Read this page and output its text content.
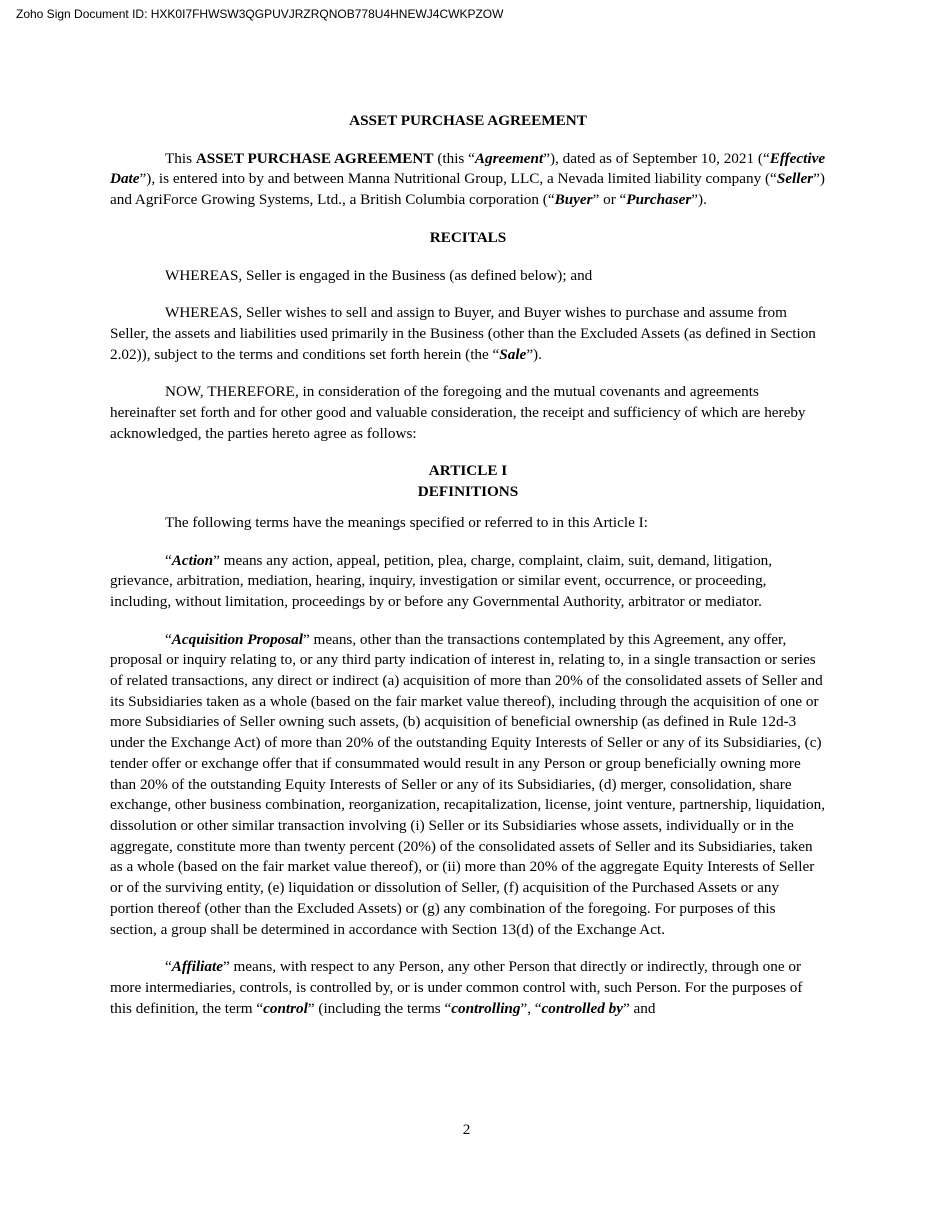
Zoho Sign Document ID: HXK0I7FHWSW3QGPUVJRZRQNOB778U4HNEWJ4CWKPZOW
ASSET PURCHASE AGREEMENT

This ASSET PURCHASE AGREEMENT (this “Agreement”), dated as of September 10, 2021 (“Effective Date”), is entered into by and between Manna Nutritional Group, LLC, a Nevada limited liability company (“Seller”) and AgriForce Growing Systems, Ltd., a British Columbia corporation (“Buyer” or “Purchaser”).

RECITALS

WHEREAS, Seller is engaged in the Business (as defined below); and

WHEREAS, Seller wishes to sell and assign to Buyer, and Buyer wishes to purchase and assume from Seller, the assets and liabilities used primarily in the Business (other than the Excluded Assets (as defined in Section 2.02)), subject to the terms and conditions set forth herein (the “Sale”).

NOW, THEREFORE, in consideration of the foregoing and the mutual covenants and agreements hereinafter set forth and for other good and valuable consideration, the receipt and sufficiency of which are hereby acknowledged, the parties hereto agree as follows:

ARTICLE I
DEFINITIONS

The following terms have the meanings specified or referred to in this Article I:

“Action” means any action, appeal, petition, plea, charge, complaint, claim, suit, demand, litigation, grievance, arbitration, mediation, hearing, inquiry, investigation or similar event, occurrence, or proceeding, including, without limitation, proceedings by or before any Governmental Authority, arbitrator or mediator.

“Acquisition Proposal” means, other than the transactions contemplated by this Agreement, any offer, proposal or inquiry relating to, or any third party indication of interest in, relating to, in a single transaction or series of related transactions, any direct or indirect (a) acquisition of more than 20% of the consolidated assets of Seller and its Subsidiaries taken as a whole (based on the fair market value thereof), including through the acquisition of one or more Subsidiaries of Seller owning such assets, (b) acquisition of beneficial ownership (as defined in Rule 12d-3 under the Exchange Act) of more than 20% of the outstanding Equity Interests of Seller or any of its Subsidiaries, (c) tender offer or exchange offer that if consummated would result in any Person or group beneficially owning more than 20% of the outstanding Equity Interests of Seller or any of its Subsidiaries, (d) merger, consolidation, share exchange, other business combination, reorganization, recapitalization, license, joint venture, partnership, liquidation, dissolution or other similar transaction involving (i) Seller or its Subsidiaries whose assets, individually or in the aggregate, constitute more than twenty percent (20%) of the consolidated assets of Seller and its Subsidiaries, taken as a whole (based on the fair market value thereof), or (ii) more than 20% of the aggregate Equity Interests of Seller or of the surviving entity, (e) liquidation or dissolution of Seller, (f) acquisition of the Purchased Assets or any portion thereof (other than the Excluded Assets) or (g) any combination of the foregoing. For purposes of this section, a group shall be determined in accordance with Section 13(d) of the Exchange Act.

“Affiliate” means, with respect to any Person, any other Person that directly or indirectly, through one or more intermediaries, controls, is controlled by, or is under common control with, such Person. For the purposes of this definition, the term “control” (including the terms “controlling”, “controlled by” and

2
